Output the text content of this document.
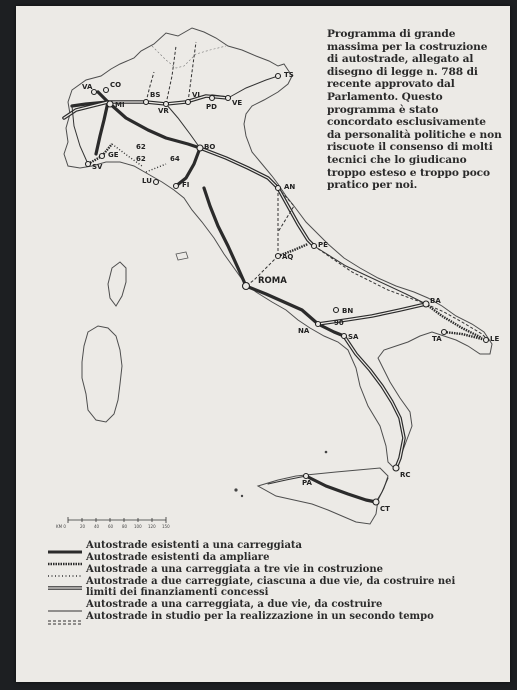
Programma di grande massima per la costruzione di autostrade, allegato al disegno di legge n. 788 di recente approvato dal Parlamento. Questo programma è stato concordato esclusivamente da personalità politiche e non riscuote il consenso di molti tecnici che lo giudicano troppo esteso e troppo poco pratico per noi.
VA	CO
MI
BS
VR
VI
PD VE
TS
GE
SV
BO
LU	FI	AN
PE
AQ
ROMA
BN
NA
SA
BA
TA	LE
RC
PA
CT
62
62	64
90
KM 0	20 40 60 80 100 120 150
Autostrade esistenti a una carreggiata
Autostrade esistenti da ampliare
Autostrade a una carreggiata a tre vie in costruzione
Autostrade a due carreggiate, ciascuna a due vie, da costruire nei limiti dei finanziamenti concessi
Autostrade a una carreggiata, a due vie, da costruire
Autostrade in studio per la realizzazione in un secondo tempo
